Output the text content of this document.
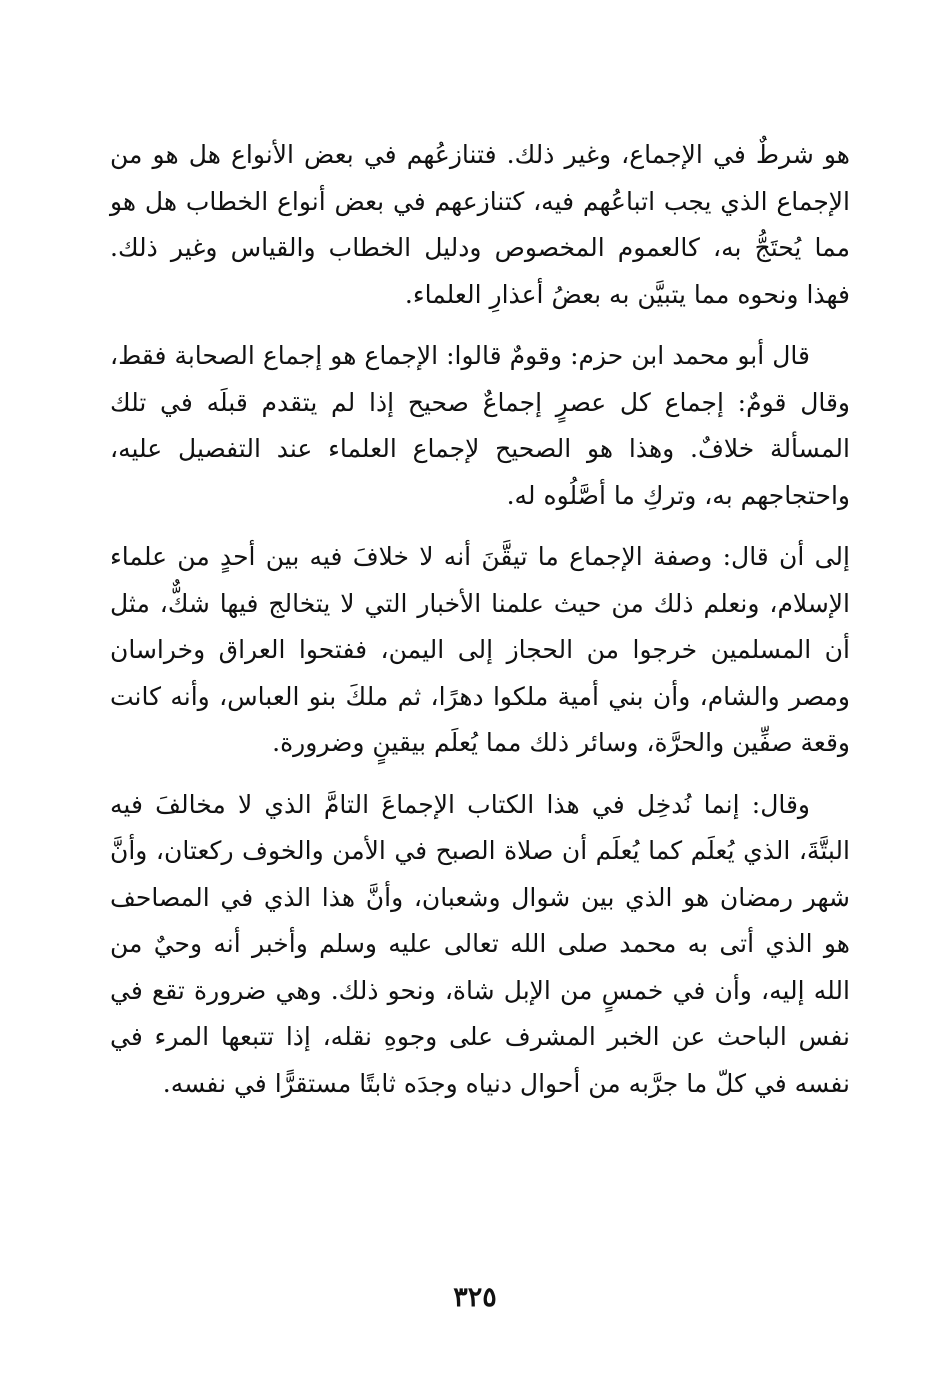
هو شرطٌ في الإجماع، وغير ذلك. فتنازعُهم في بعض الأنواع هل هو من الإجماع الذي يجب اتباعُهم فيه، كتنازعهم في بعض أنواع الخطاب هل هو مما يُحتَجُّ به، كالعموم المخصوص ودليل الخطاب والقياس وغير ذلك. فهذا ونحوه مما يتبيَّن به بعضُ أعذارِ العلماء.

قال أبو محمد ابن حزم: وقومٌ قالوا: الإجماع هو إجماع الصحابة فقط، وقال قومٌ: إجماع كل عصرٍ إجماعٌ صحيح إذا لم يتقدم قبلَه في تلك المسألة خلافٌ. وهذا هو الصحيح لإجماع العلماء عند التفصيل عليه، واحتجاجهم به، وتركِ ما أصَّلُوه له.

إلى أن قال: وصفة الإجماع ما تيقَّنَ أنه لا خلافَ فيه بين أحدٍ من علماء الإسلام، ونعلم ذلك من حيث علمنا الأخبار التي لا يتخالج فيها شكٌّ، مثل أن المسلمين خرجوا من الحجاز إلى اليمن، ففتحوا العراق وخراسان ومصر والشام، وأن بني أمية ملكوا دهرًا، ثم ملكَ بنو العباس، وأنه كانت وقعة صفِّين والحرَّة، وسائر ذلك مما يُعلَم بيقينٍ وضرورة.

وقال: إنما نُدخِل في هذا الكتاب الإجماعَ التامَّ الذي لا مخالفَ فيه البتَّةَ، الذي يُعلَم كما يُعلَم أن صلاة الصبح في الأمن والخوف ركعتان، وأنَّ شهر رمضان هو الذي بين شوال وشعبان، وأنَّ هذا الذي في المصاحف هو الذي أتى به محمد صلى الله تعالى عليه وسلم وأخبر أنه وحيٌ من الله إليه، وأن في خمسٍ من الإبل شاة، ونحو ذلك. وهي ضرورة تقع في نفس الباحث عن الخبر المشرف على وجوهِ نقله، إذا تتبعها المرء في نفسه في كلّ ما جرَّبه من أحوال دنياه وجدَه ثابتًا مستقرًّا في نفسه.

٣٢٥
